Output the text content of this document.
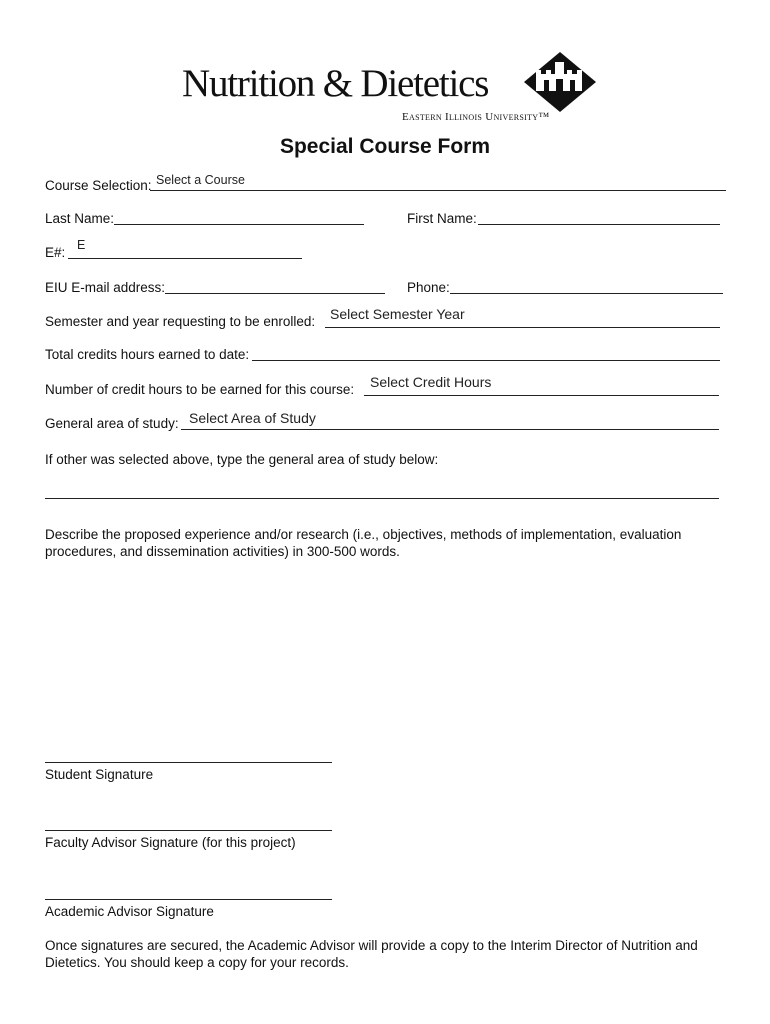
Nutrition & Dietetics
Eastern Illinois University™
Special Course Form
Course Selection: Select a Course
Last Name:	First Name:
E#: E
EIU E-mail address:	Phone:
Semester and year requesting to be enrolled: Select Semester Year
Total credits hours earned to date:
Number of credit hours to be earned for this course: Select Credit Hours
General area of study: Select Area of Study
If other was selected above, type the general area of study below:
Describe the proposed experience and/or research (i.e., objectives, methods of implementation, evaluation procedures, and dissemination activities) in 300-500 words.
Student Signature
Faculty Advisor Signature (for this project)
Academic Advisor Signature
Once signatures are secured, the Academic Advisor will provide a copy to the Interim Director of Nutrition and Dietetics. You should keep a copy for your records.
